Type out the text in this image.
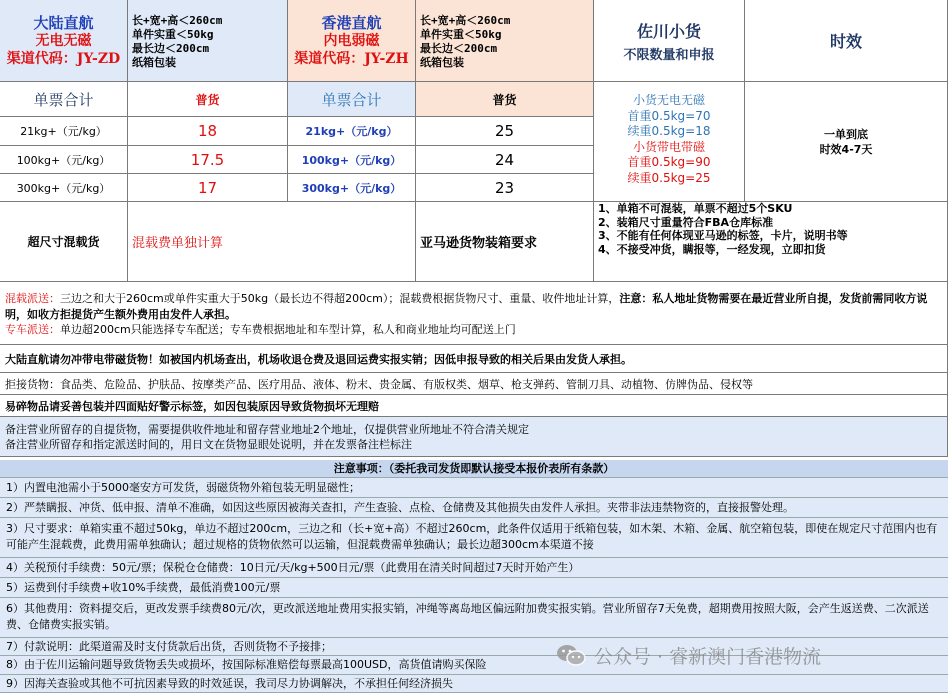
大陆直航
无电无磁
渠道代码：JY-ZD
长+宽+高＜260cm
单件实重＜50kg
最长边＜200cm
纸箱包装
香港直航
内电弱磁
渠道代码：JY-ZH
长+宽+高＜260cm
单件实重＜50kg
最长边＜200cm
纸箱包装
佐川小货
不限数量和申报
时效
单票合计	普货	单票合计	普货
21kg+（元/kg）	18	21kg+（元/kg）	25
100kg+（元/kg）	17.5	100kg+（元/kg）	24
300kg+（元/kg）	17	300kg+（元/kg）	23
小货无电无磁
首重0.5kg=70
续重0.5kg=18
小货带电带磁
首重0.5kg=90
续重0.5kg=25
一单到底
时效4-7天
超尺寸混载货	混载费单独计算	亚马逊货物装箱要求
1、单箱不可混装，单票不超过5个SKU
2、装箱尺寸重量符合FBA仓库标准
3、不能有任何体现亚马逊的标签，卡片，说明书等
4、不接受冲货，瞒报等，一经发现，立即扣货
混载派送：三边之和大于260cm或单件实重大于50kg（最长边不得超200cm）；混载费根据货物尺寸、重量、收件地址计算，注意：私人地址货物需要在最近营业所自提，发货前需同收方说明，如收方拒提货产生额外费用由发件人承担。
专车派送：单边超200cm只能选择专车配送；专车费根据地址和车型计算，私人和商业地址均可配送上门
大陆直航请勿冲带电带磁货物！如被国内机场查出，机场收退仓费及退回运费实报实销；因低申报导致的相关后果由发货人承担。
拒接货物：食品类、危险品、护肤品、按摩类产品、医疗用品、液体、粉末、贵金属、有版权类、烟草、枪支弹药、管制刀具、动植物、仿牌伪品、侵权等
易碎物品请妥善包装并四面贴好警示标签，如因包装原因导致货物损坏无理赔
备注营业所留存的自提货物，需要提供收件地址和留存营业地址2个地址，仅提供营业所地址不符合清关规定
备注营业所留存和指定派送时间的，用日文在货物显眼处说明，并在发票备注栏标注
注意事项：（委托我司发货即默认接受本报价表所有条款）
1）内置电池需小于5000毫安方可发货，弱磁货物外箱包装无明显磁性；
2）严禁瞒报、冲货、低申报、清单不准确，如因这些原因被海关查扣，产生查验、点检、仓储费及其他损失由发件人承担。夹带非法违禁物资的，直接报警处理。
3）尺寸要求：单箱实重不超过50kg，单边不超过200cm，三边之和（长+宽+高）不超过260cm，此条件仅适用于纸箱包装，如木架、木箱、金属、航空箱包装，即使在规定尺寸范围内也有可能产生混载费，此费用需单独确认；超过规格的货物依然可以运输，但混载费需单独确认；最长边超300cm本渠道不接
4）关税预付手续费：50元/票；保税仓仓储费：10日元/天/kg+500日元/票（此费用在清关时间超过7天时开始产生）
5）运费到付手续费+收10%手续费，最低消费100元/票
6）其他费用：资料提交后，更改发票手续费80元/次，更改派送地址费用实报实销，冲绳等离岛地区偏远附加费实报实销。营业所留存7天免费，超期费用按照大阪，会产生返送费、二次派送费、仓储费实报实销。
7）付款说明：此渠道需及时支付货款后出货，否则货物不予接排；
8）由于佐川运输问题导致货物丢失或损坏，按国际标准赔偿每票最高100USD，高货值请购买保险
9）因海关查验或其他不可抗因素导致的时效延误，我司尽力协调解决，不承担任何经济损失
公众号 · 睿新澳门香港物流
